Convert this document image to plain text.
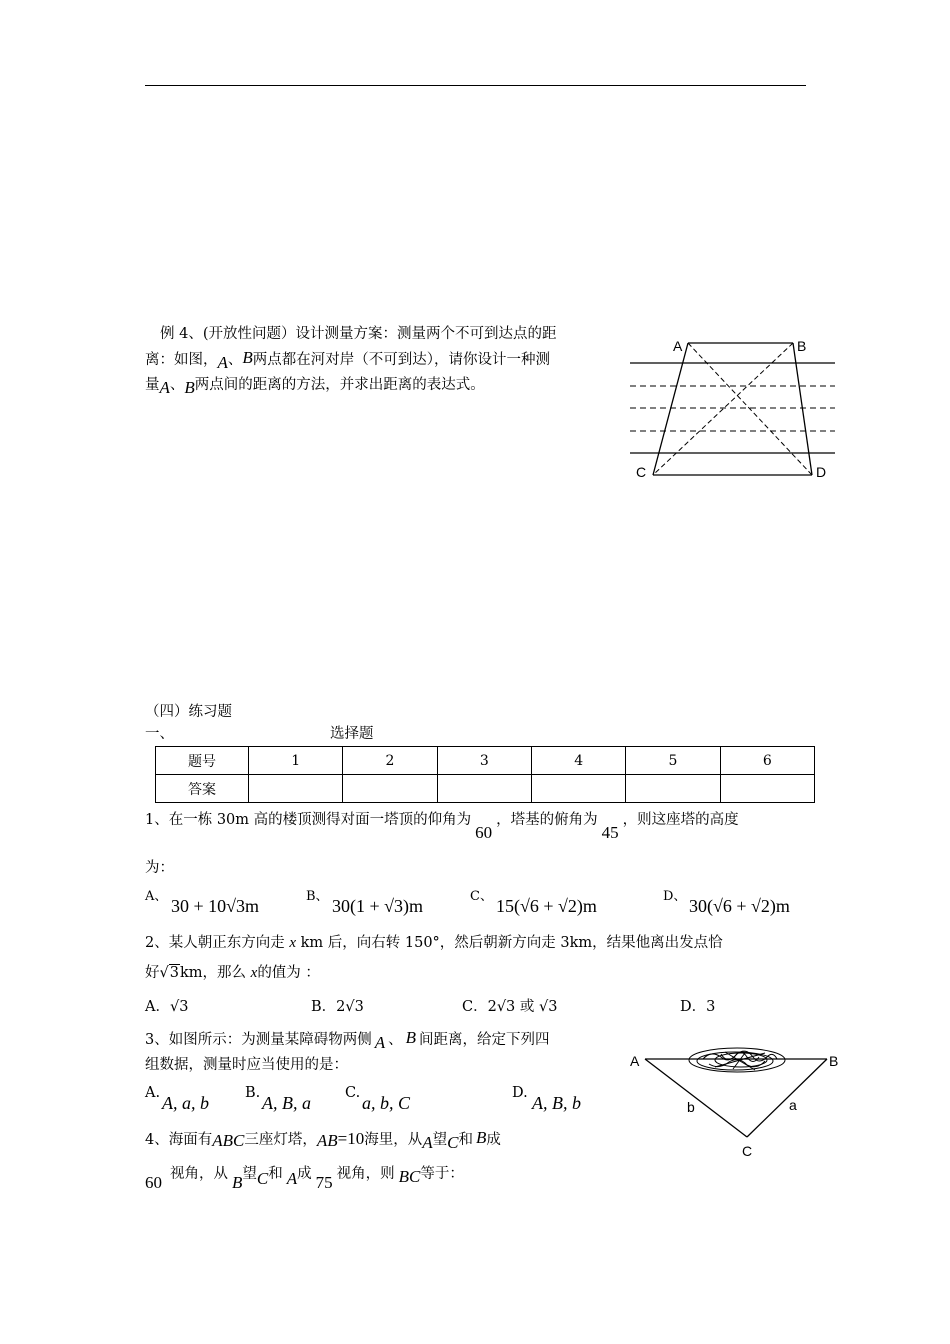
例 4、(开放性问题）设计测量方案：测量两个不可到达点的距
离：如图，A、B两点都在河对岸（不可到达），请你设计一种测
量A、B两点间的距离的方法，并求出距离的表达式。
A	B
C	D
（四）练习题
一、	选择题
题号	1	2	3	4	5	6
答案						
1、在一栋 30m 高的楼顶测得对面一塔顶的仰角为60，塔基的俯角为45，则这座塔的高度
为：
A、 30 + 10√3m	B、 30(1 + √3)m	C、 15(√6 + √2)m	D、 30(√6 + √2)m
2、某人朝正东方向走 x km 后，向右转 150°，然后朝新方向走 3km，结果他离出发点恰
好√3km，那么 x的值为 ：
A．√3	B．2√3	C．2√3 或 √3	D．3
3、如图所示：为测量某障碍物两侧 A 、 B 间距离，给定下列四
组数据，测量时应当使用的是：
A. A, a, b B. A, B, a C. a, b, C	D. A, B, b
A	B
C
b	a
4、海面有ABC三座灯塔，AB=10海里，从A望C和 B成
60 视角，从 B望C和 A成 75 视角，则 BC等于：
